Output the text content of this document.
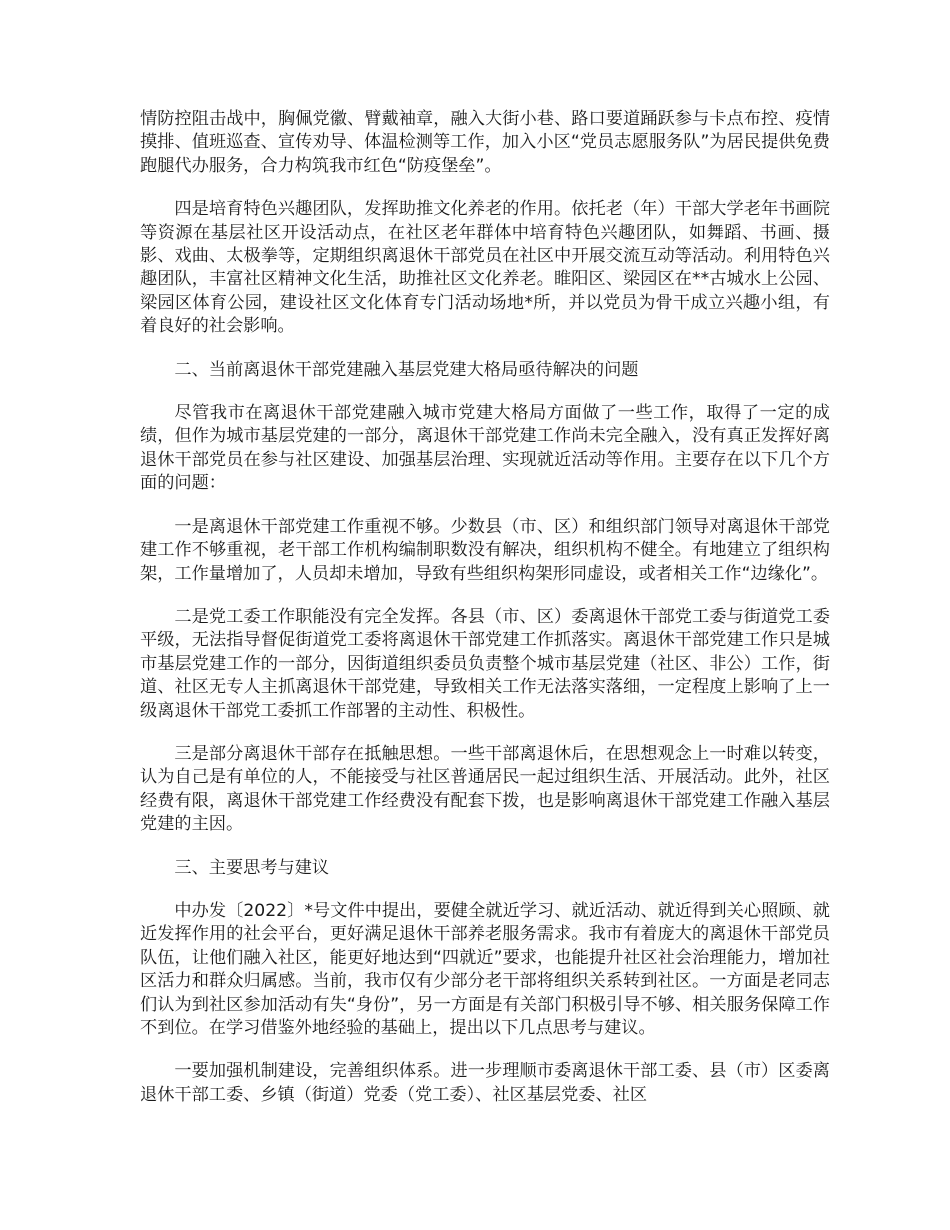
情防控阻击战中，胸佩党徽、臂戴袖章，融入大街小巷、路口要道踊跃参与卡点布控、疫情摸排、值班巡查、宣传劝导、体温检测等工作，加入小区“党员志愿服务队”为居民提供免费跑腿代办服务，合力构筑我市红色“防疫堡垒”。

四是培育特色兴趣团队，发挥助推文化养老的作用。依托老（年）干部大学老年书画院等资源在基层社区开设活动点，在社区老年群体中培育特色兴趣团队，如舞蹈、书画、摄影、戏曲、太极拳等，定期组织离退休干部党员在社区中开展交流互动等活动。利用特色兴趣团队，丰富社区精神文化生活，助推社区文化养老。睢阳区、梁园区在**古城水上公园、梁园区体育公园，建设社区文化体育专门活动场地*所，并以党员为骨干成立兴趣小组，有着良好的社会影响。

二、当前离退休干部党建融入基层党建大格局亟待解决的问题

尽管我市在离退休干部党建融入城市党建大格局方面做了一些工作，取得了一定的成绩，但作为城市基层党建的一部分，离退休干部党建工作尚未完全融入，没有真正发挥好离退休干部党员在参与社区建设、加强基层治理、实现就近活动等作用。主要存在以下几个方面的问题：

一是离退休干部党建工作重视不够。少数县（市、区）和组织部门领导对离退休干部党建工作不够重视，老干部工作机构编制职数没有解决，组织机构不健全。有地建立了组织构架，工作量增加了，人员却未增加，导致有些组织构架形同虚设，或者相关工作“边缘化”。

二是党工委工作职能没有完全发挥。各县（市、区）委离退休干部党工委与街道党工委平级，无法指导督促街道党工委将离退休干部党建工作抓落实。离退休干部党建工作只是城市基层党建工作的一部分，因街道组织委员负责整个城市基层党建（社区、非公）工作，街道、社区无专人主抓离退休干部党建，导致相关工作无法落实落细，一定程度上影响了上一级离退休干部党工委抓工作部署的主动性、积极性。

三是部分离退休干部存在抵触思想。一些干部离退休后，在思想观念上一时难以转变，认为自己是有单位的人，不能接受与社区普通居民一起过组织生活、开展活动。此外，社区经费有限，离退休干部党建工作经费没有配套下拨，也是影响离退休干部党建工作融入基层党建的主因。

三、主要思考与建议

中办发〔2022〕*号文件中提出，要健全就近学习、就近活动、就近得到关心照顾、就近发挥作用的社会平台，更好满足退休干部养老服务需求。我市有着庞大的离退休干部党员队伍，让他们融入社区，能更好地达到“四就近”要求，也能提升社区社会治理能力，增加社区活力和群众归属感。当前，我市仅有少部分老干部将组织关系转到社区。一方面是老同志们认为到社区参加活动有失“身份”，另一方面是有关部门积极引导不够、相关服务保障工作不到位。在学习借鉴外地经验的基础上，提出以下几点思考与建议。

一要加强机制建设，完善组织体系。进一步理顺市委离退休干部工委、县（市）区委离退休干部工委、乡镇（街道）党委（党工委）、社区基层党委、社区
